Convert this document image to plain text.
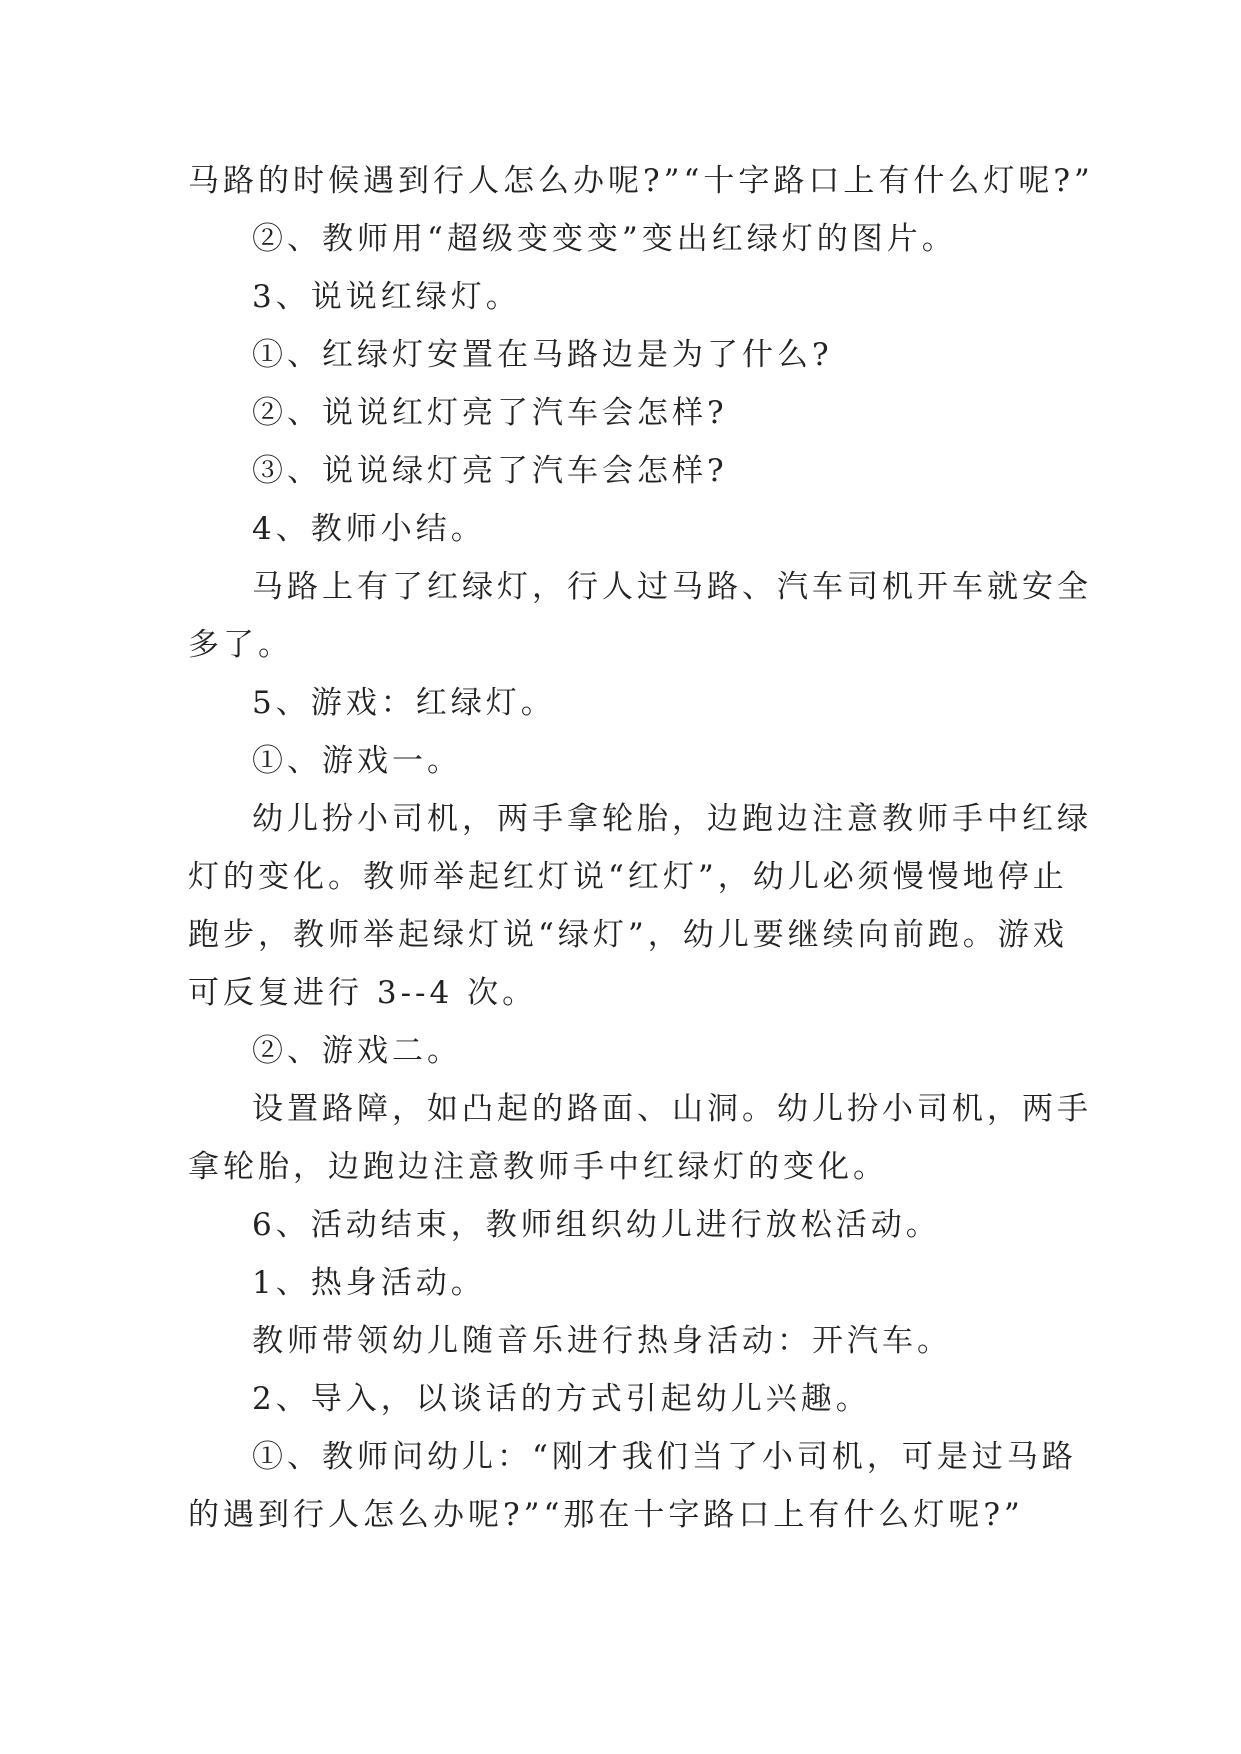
马路的时候遇到行人怎么办呢?”“十字路口上有什么灯呢?”
②、教师用“超级变变变”变出红绿灯的图片。
3、说说红绿灯。
①、红绿灯安置在马路边是为了什么?
②、说说红灯亮了汽车会怎样?
③、说说绿灯亮了汽车会怎样?
4、教师小结。
马路上有了红绿灯，行人过马路、汽车司机开车就安全
多了。
5、游戏：红绿灯。
①、游戏一。
幼儿扮小司机，两手拿轮胎，边跑边注意教师手中红绿
灯的变化。教师举起红灯说“红灯”，幼儿必须慢慢地停止
跑步，教师举起绿灯说“绿灯”，幼儿要继续向前跑。游戏
可反复进行 3--4 次。
②、游戏二。
设置路障，如凸起的路面、山洞。幼儿扮小司机，两手
拿轮胎，边跑边注意教师手中红绿灯的变化。
6、活动结束，教师组织幼儿进行放松活动。
1、热身活动。
教师带领幼儿随音乐进行热身活动：开汽车。
2、导入，以谈话的方式引起幼儿兴趣。
①、教师问幼儿：“刚才我们当了小司机，可是过马路
的遇到行人怎么办呢?”“那在十字路口上有什么灯呢?”
